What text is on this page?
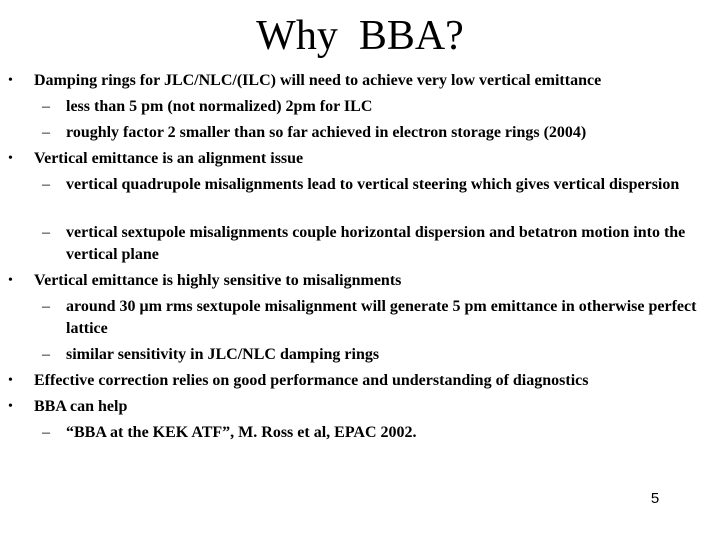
Why  BBA?
• Damping rings for JLC/NLC/(ILC) will need to achieve very low vertical emittance
– less than 5 pm (not normalized) 2pm for ILC
– roughly factor 2 smaller than so far achieved in electron storage rings (2004)
• Vertical emittance is an alignment issue
– vertical quadrupole misalignments lead to vertical steering which gives vertical dispersion
– vertical sextupole misalignments couple horizontal dispersion and betatron motion into the vertical plane
• Vertical emittance is highly sensitive to misalignments
– around 30 μm rms sextupole misalignment will generate 5 pm emittance in otherwise perfect lattice
– similar sensitivity in JLC/NLC damping rings
• Effective correction relies on good performance and understanding of diagnostics
• BBA can help
– “BBA at the KEK ATF”, M. Ross et al, EPAC 2002.
5
